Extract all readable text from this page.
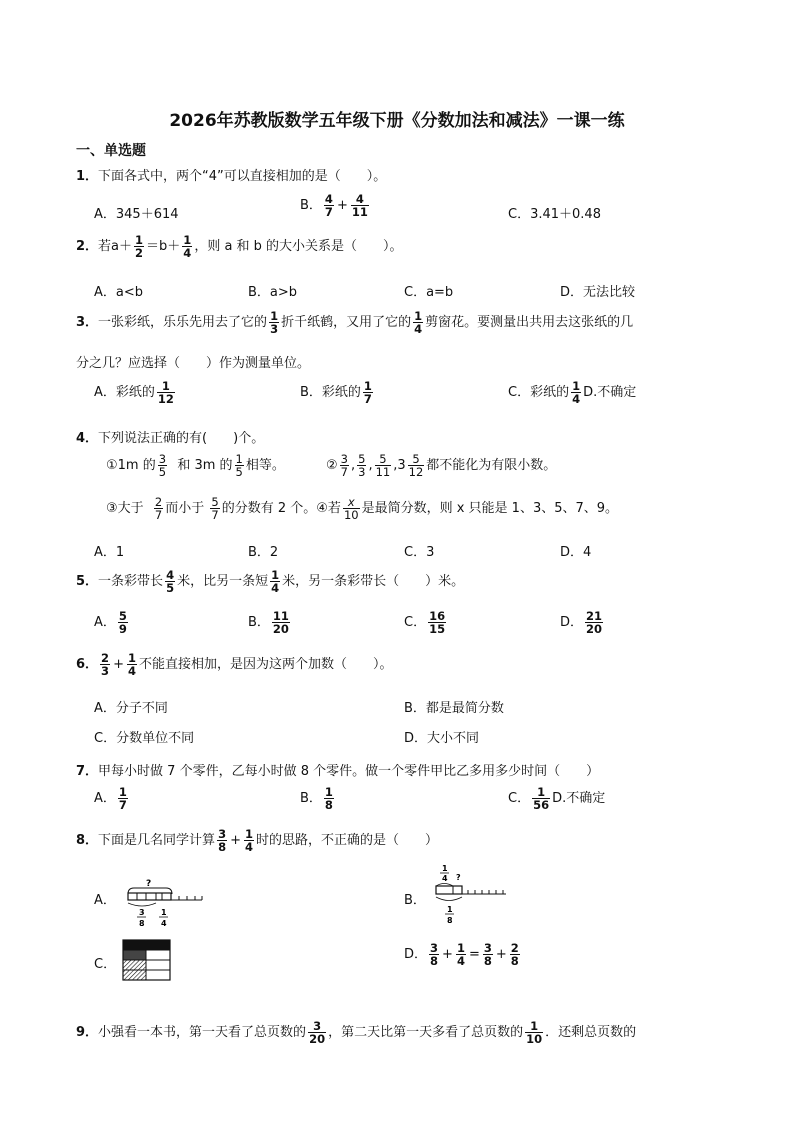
2026年苏教版数学五年级下册《分数加法和减法》一课一练
一、单选题
1．下面各式中，两个“4”可以直接相加的是（　　）。
A．345＋614
B． $\frac{4}{7} + \frac{4}{11}$	C．3.41＋0.48
2．若$a+ \frac{1}{2} =b+ \frac{1}{4}$ ，则 a 和 b 的大小关系是（　　）。
A．a<b	B．a>b	C．a=b	D．无法比较
3．一张彩纸，乐乐先用去了它的 $\frac{1}{3}$ 折千纸鹤，又用了它的 $\frac{1}{4}$ 剪窗花。要测量出共用去这张纸的几
分之几？应选择（　　）作为测量单位。
A．彩纸的 $\frac{1}{12}$	B．彩纸的 $\frac{1}{7}$	C．彩纸的 $\frac{1}{4} D$.不确定
4．下列说法正确的有(　　)个。
①1m 的 $\frac{3}{5}$ 和 3m 的 $\frac{1}{5}$ 相等。	② $\frac{3}{7}$ , $\frac{5}{3}$ , $\frac{5}{11} ,3 \frac{5}{12}$ 都不能化为有限小数。
③大于 $\frac{2}{7}$ 而小于 $\frac{5}{7}$ 的分数有 2 个。④若 $\frac{x}{10}$ 是最简分数，则 x 只能是 1、3、5、7、9。
A．1	B．2	C．3	D．4
5．一条彩带长 $\frac{4}{5}$ 米，比另一条短 $\frac{1}{4}$ 米，另一条彩带长（　　）米。
A． $\frac{5}{9}$	B． $\frac{11}{20}$	C． $\frac{16}{15}$	D． $\frac{21}{20}$
6． $\frac{2}{3} + \frac{1}{4}$ 不能直接相加，是因为这两个加数（　　）。
A．分子不同	B．都是最简分数
C．分数单位不同	D．大小不同
7．甲每小时做 7 个零件，乙每小时做 8 个零件。做一个零件甲比乙多用多少时间（　　）
A． $\frac{1}{7}$	B． $\frac{1}{8}$	C． $\frac{1}{56} D$.不确定
8．下面是几名同学计算 $\frac{3}{8} + \frac{1}{4}$ 时的思路，不正确的是（　　）
A．
?
3
8
1
4
B．
1
4 ?
1
8
C．
D． $\frac{3}{8} + \frac{1}{4} = \frac{3}{8} + \frac{2}{8}$
9．小强看一本书，第一天看了总页数的 $\frac{3}{20}$ ，第二天比第一天多看了总页数的 $\frac{1}{10}$ ．还剩总页数的
